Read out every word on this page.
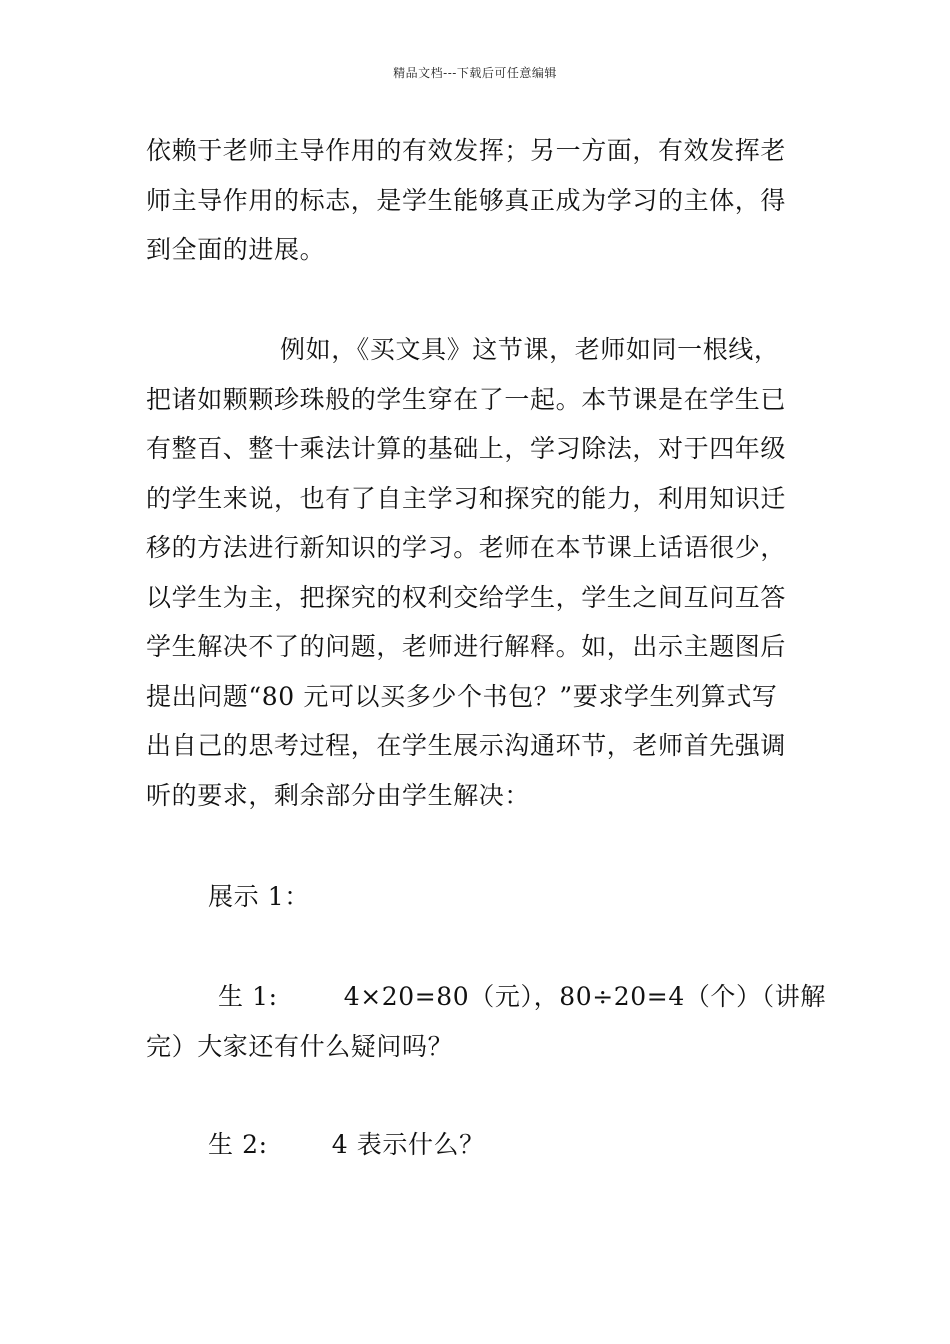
精品文档---下载后可任意编辑
依赖于老师主导作用的有效发挥；另一方面，有效发挥老
师主导作用的标志，是学生能够真正成为学习的主体，得
到全面的进展。
例如，《买文具》这节课，老师如同一根线，
把诸如颗颗珍珠般的学生穿在了一起。本节课是在学生已
有整百、整十乘法计算的基础上，学习除法，对于四年级
的学生来说，也有了自主学习和探究的能力，利用知识迁
移的方法进行新知识的学习。老师在本节课上话语很少，
以学生为主，把探究的权利交给学生，学生之间互问互答
学生解决不了的问题，老师进行解释。如，出示主题图后
提出问题“80 元可以买多少个书包？”要求学生列算式写
出自己的思考过程，在学生展示沟通环节，老师首先强调
听的要求，剩余部分由学生解决：
展示 1：
生 1:	4×20=80（元），80÷20=4（个）（讲解
完）大家还有什么疑问吗？
生 2:	4 表示什么？
